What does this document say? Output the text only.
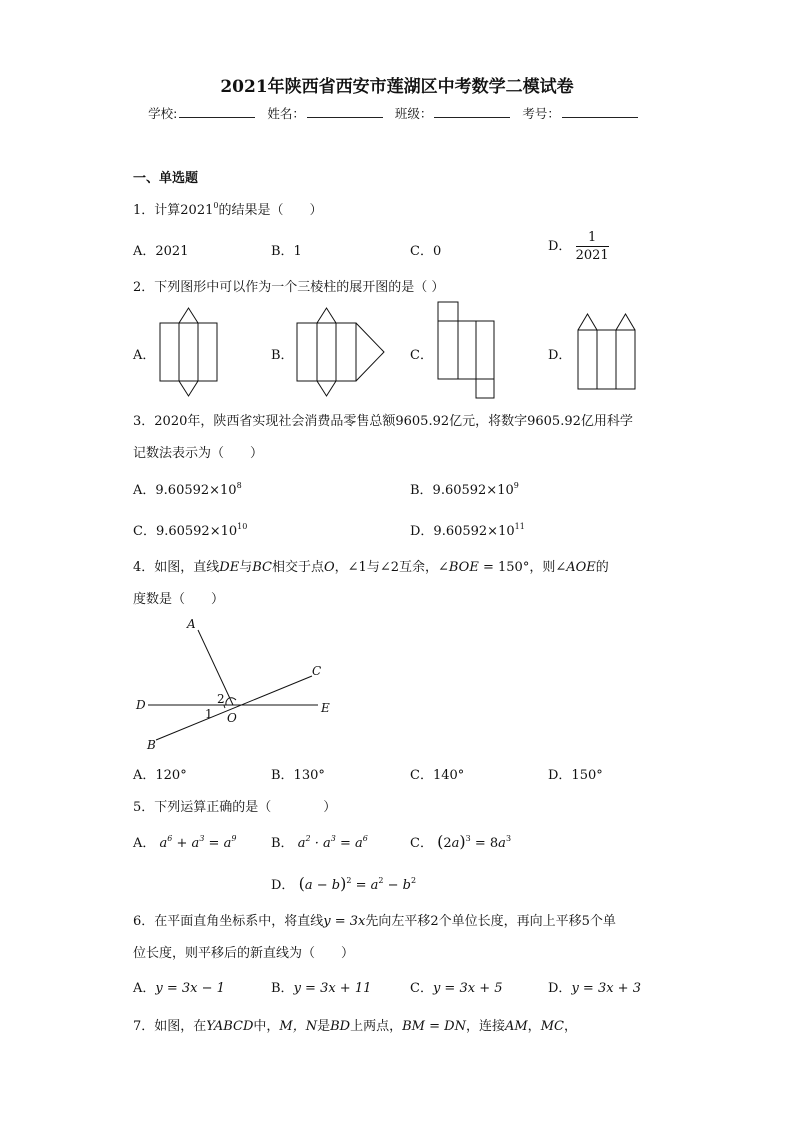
2021年陕西省西安市莲湖区中考数学二模试卷
学校:	姓名：	班级：	考号：
一、单选题
1．计算2021$^0$的结果是（　　）
A．2021	B．1	C．0	D． $\frac{1}{2021}$
2．下列图形中可以作为一个三棱柱的展开图的是（ ）
A．	B．	C．	D．
3．2020年，陕西省实现社会消费品零售总额9605.92亿元，将数字9605.92亿用科学
记数法表示为（　　）
A．$9.60592\times 10^8$	B．$9.60592\times 10^9$
C．$9.60592\times 10^{10}$	D．$9.60592\times 10^{11}$
4．如图，直线DE与BC相交于点O，∠1与∠2互余，∠BOE = 150°，则∠AOE的
度数是（　　）
A
C
D	E
B
O
2
1
A．120°	B．130°	C．140°	D．150°
5．下列运算正确的是（　　　　）
A． $a^6 + a^3 = a^9$	B． $a^2 \cdot a^3 = a^6$	C． $(2a)^3 = 8a^3$
D． $(a - b)^2 = a^2 - b^2$
6．在平面直角坐标系中，将直线y = 3x先向左平移2个单位长度，再向上平移5个单
位长度，则平移后的新直线为（　　）
A．y = 3x − 1	B．y = 3x + 11	C．y = 3x + 5	D．y = 3x + 3
7．如图，在YABCD中，M，N是BD上两点，BM = DN，连接AM，MC，
